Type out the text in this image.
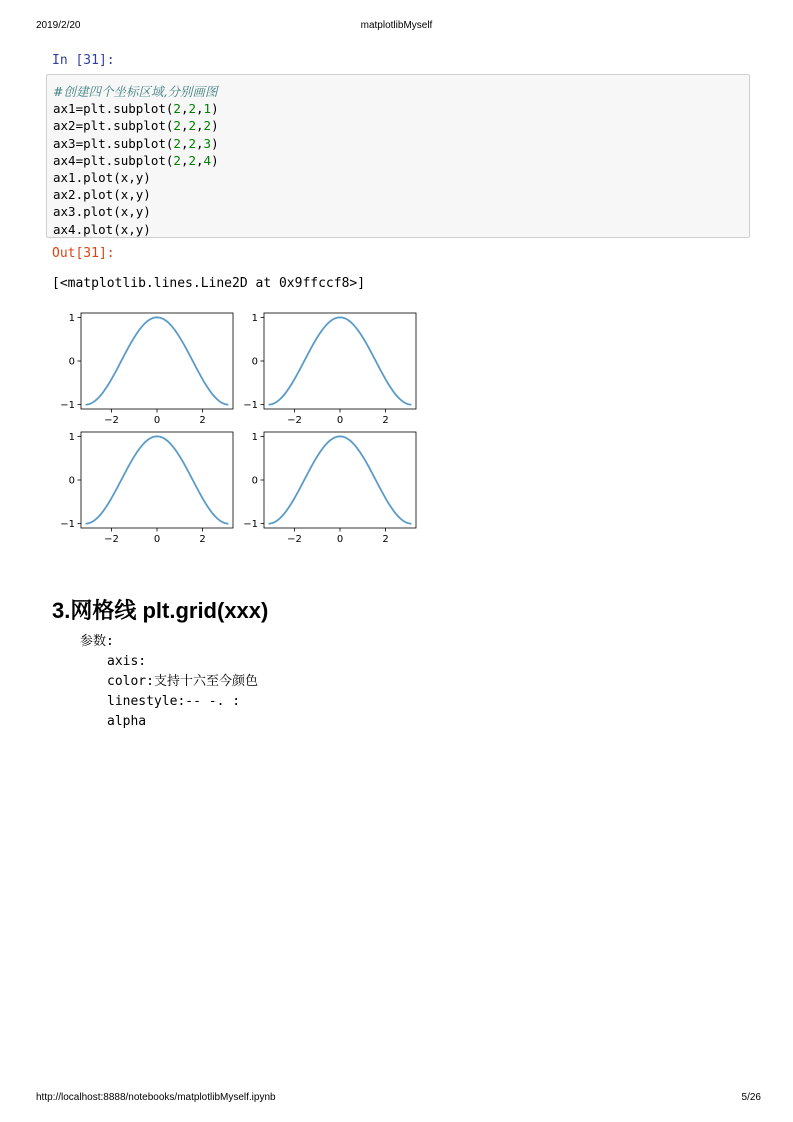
2019/2/20	matplotlibMyself
In [31]:
#创建四个坐标区域,分别画图
ax1=plt.subplot(2,2,1)
ax2=plt.subplot(2,2,2)
ax3=plt.subplot(2,2,3)
ax4=plt.subplot(2,2,4)
ax1.plot(x,y)
ax2.plot(x,y)
ax3.plot(x,y)
ax4.plot(x,y)
Out[31]:
[<matplotlib.lines.Line2D at 0x9ffccf8>]
−2	0	2
−1
0
1
−2	0	2
−1
0
1
−2	0	2
−1
0
1
−2	0	2
−1
0
1
3.网格线 plt.grid(xxx)
参数:
axis:
color:支持十六至今颜色
linestyle:-- -. :
alpha
http://localhost:8888/notebooks/matplotlibMyself.ipynb	5/26
